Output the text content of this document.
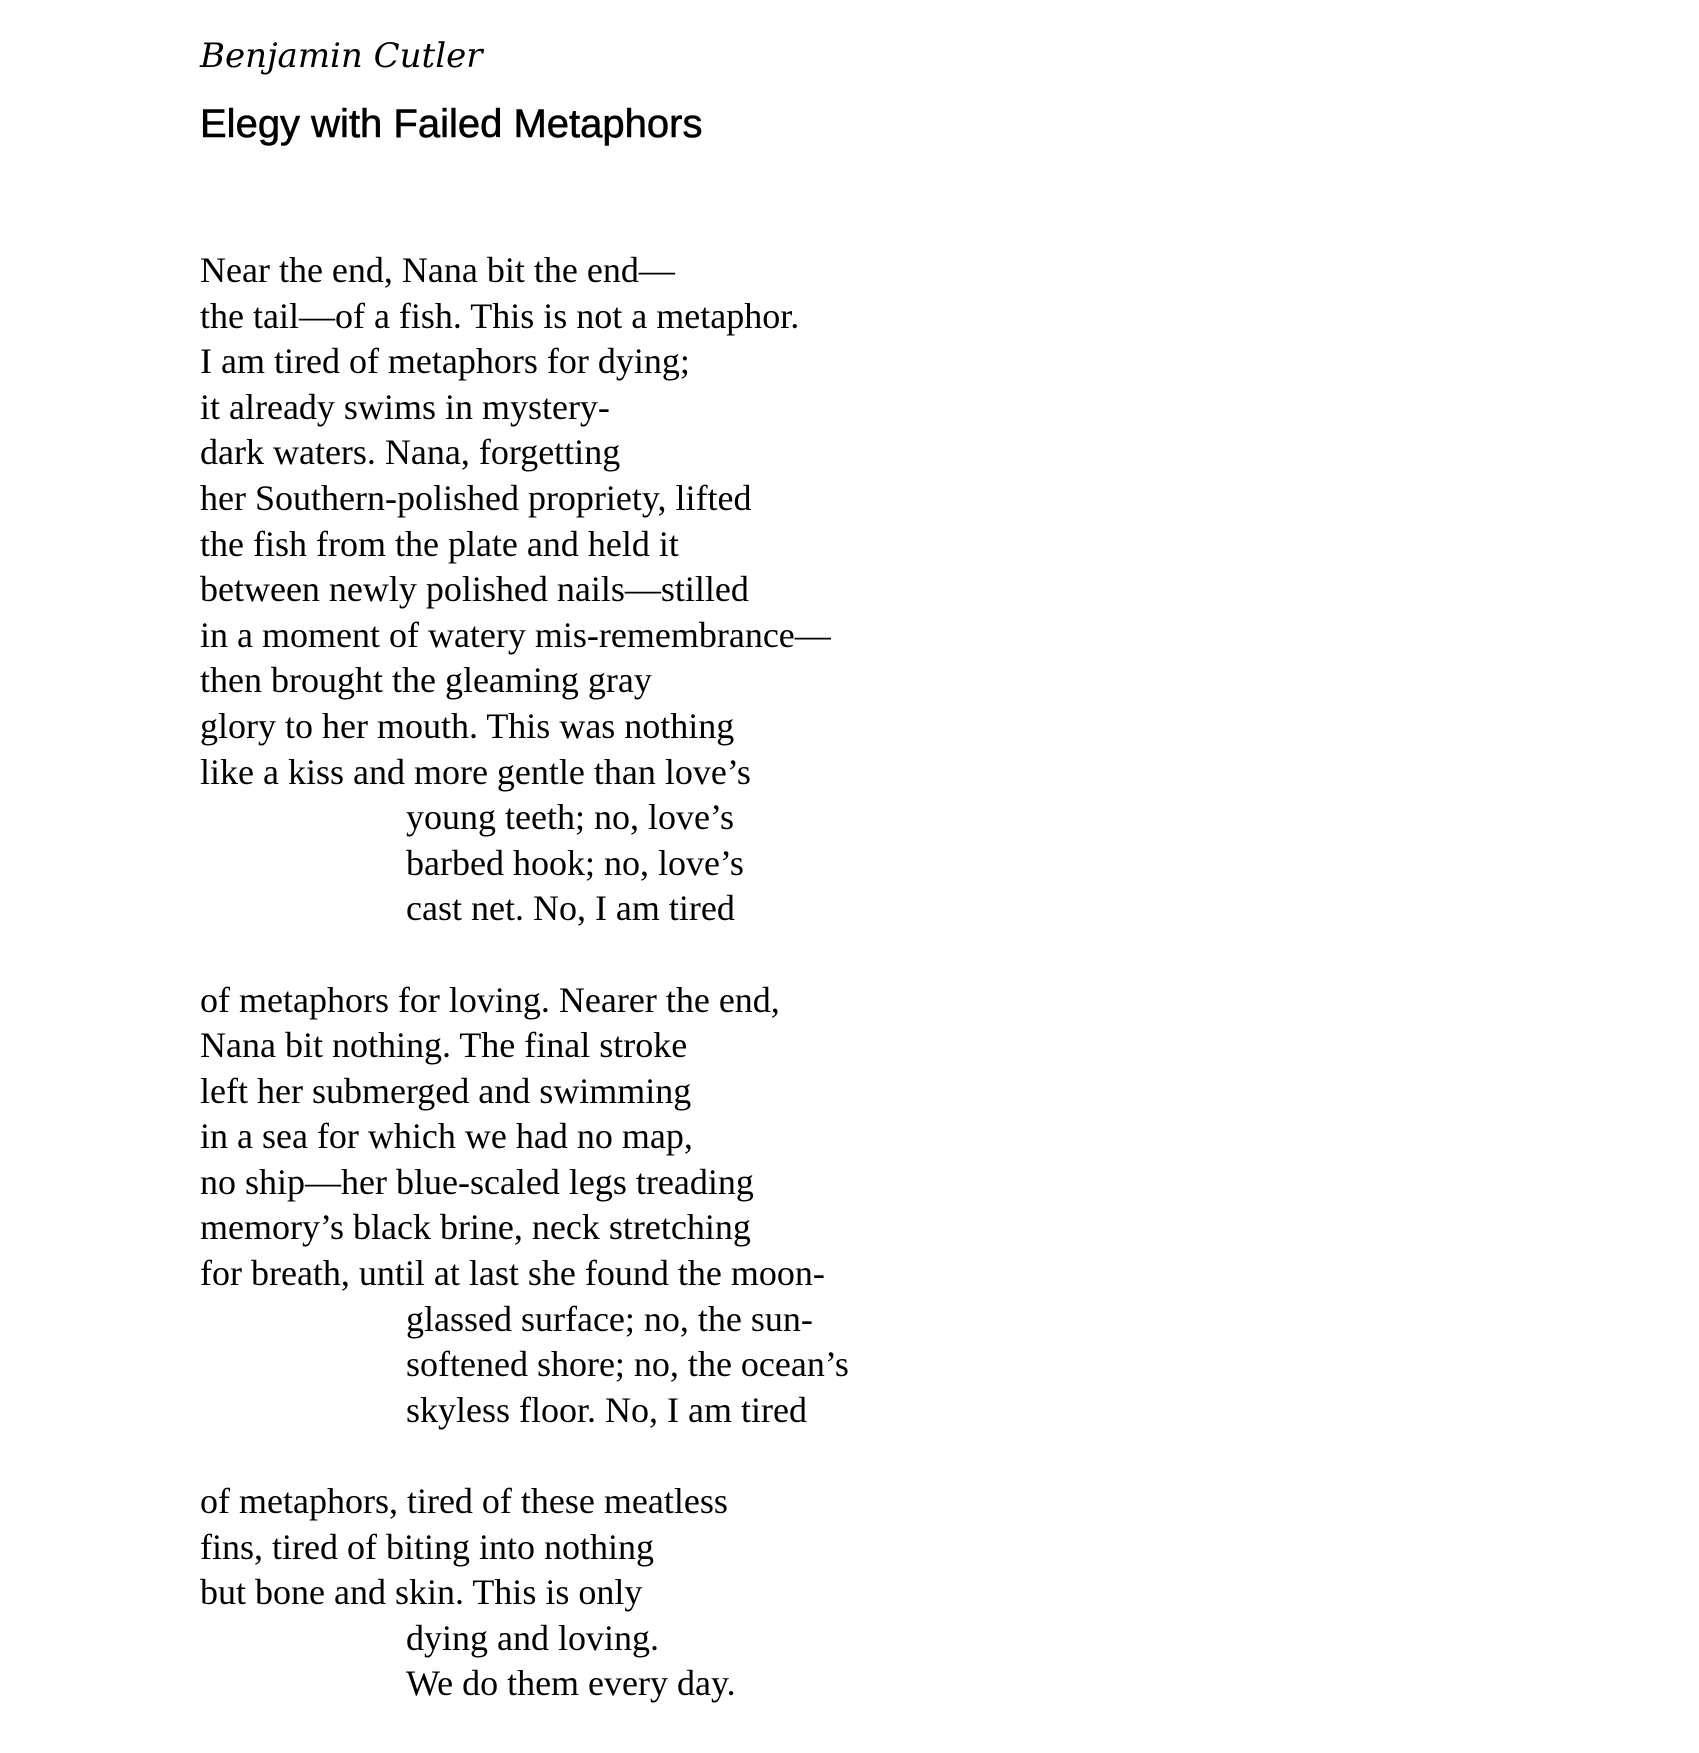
Benjamin Cutler

Elegy with Failed Metaphors
Near the end, Nana bit the end—
the tail—of a fish. This is not a metaphor.
I am tired of metaphors for dying;
it already swims in mystery-
dark waters. Nana, forgetting
her Southern-polished propriety, lifted
the fish from the plate and held it
between newly polished nails—stilled
in a moment of watery mis-remembrance—
then brought the gleaming gray
glory to her mouth. This was nothing
like a kiss and more gentle than love’s
young teeth; no, love’s
barbed hook; no, love’s
cast net. No, I am tired
of metaphors for loving. Nearer the end,
Nana bit nothing. The final stroke
left her submerged and swimming
in a sea for which we had no map,
no ship—her blue-scaled legs treading
memory’s black brine, neck stretching
for breath, until at last she found the moon-
glassed surface; no, the sun-
softened shore; no, the ocean’s
skyless floor. No, I am tired
of metaphors, tired of these meatless
fins, tired of biting into nothing
but bone and skin. This is only
dying and loving.
We do them every day.
